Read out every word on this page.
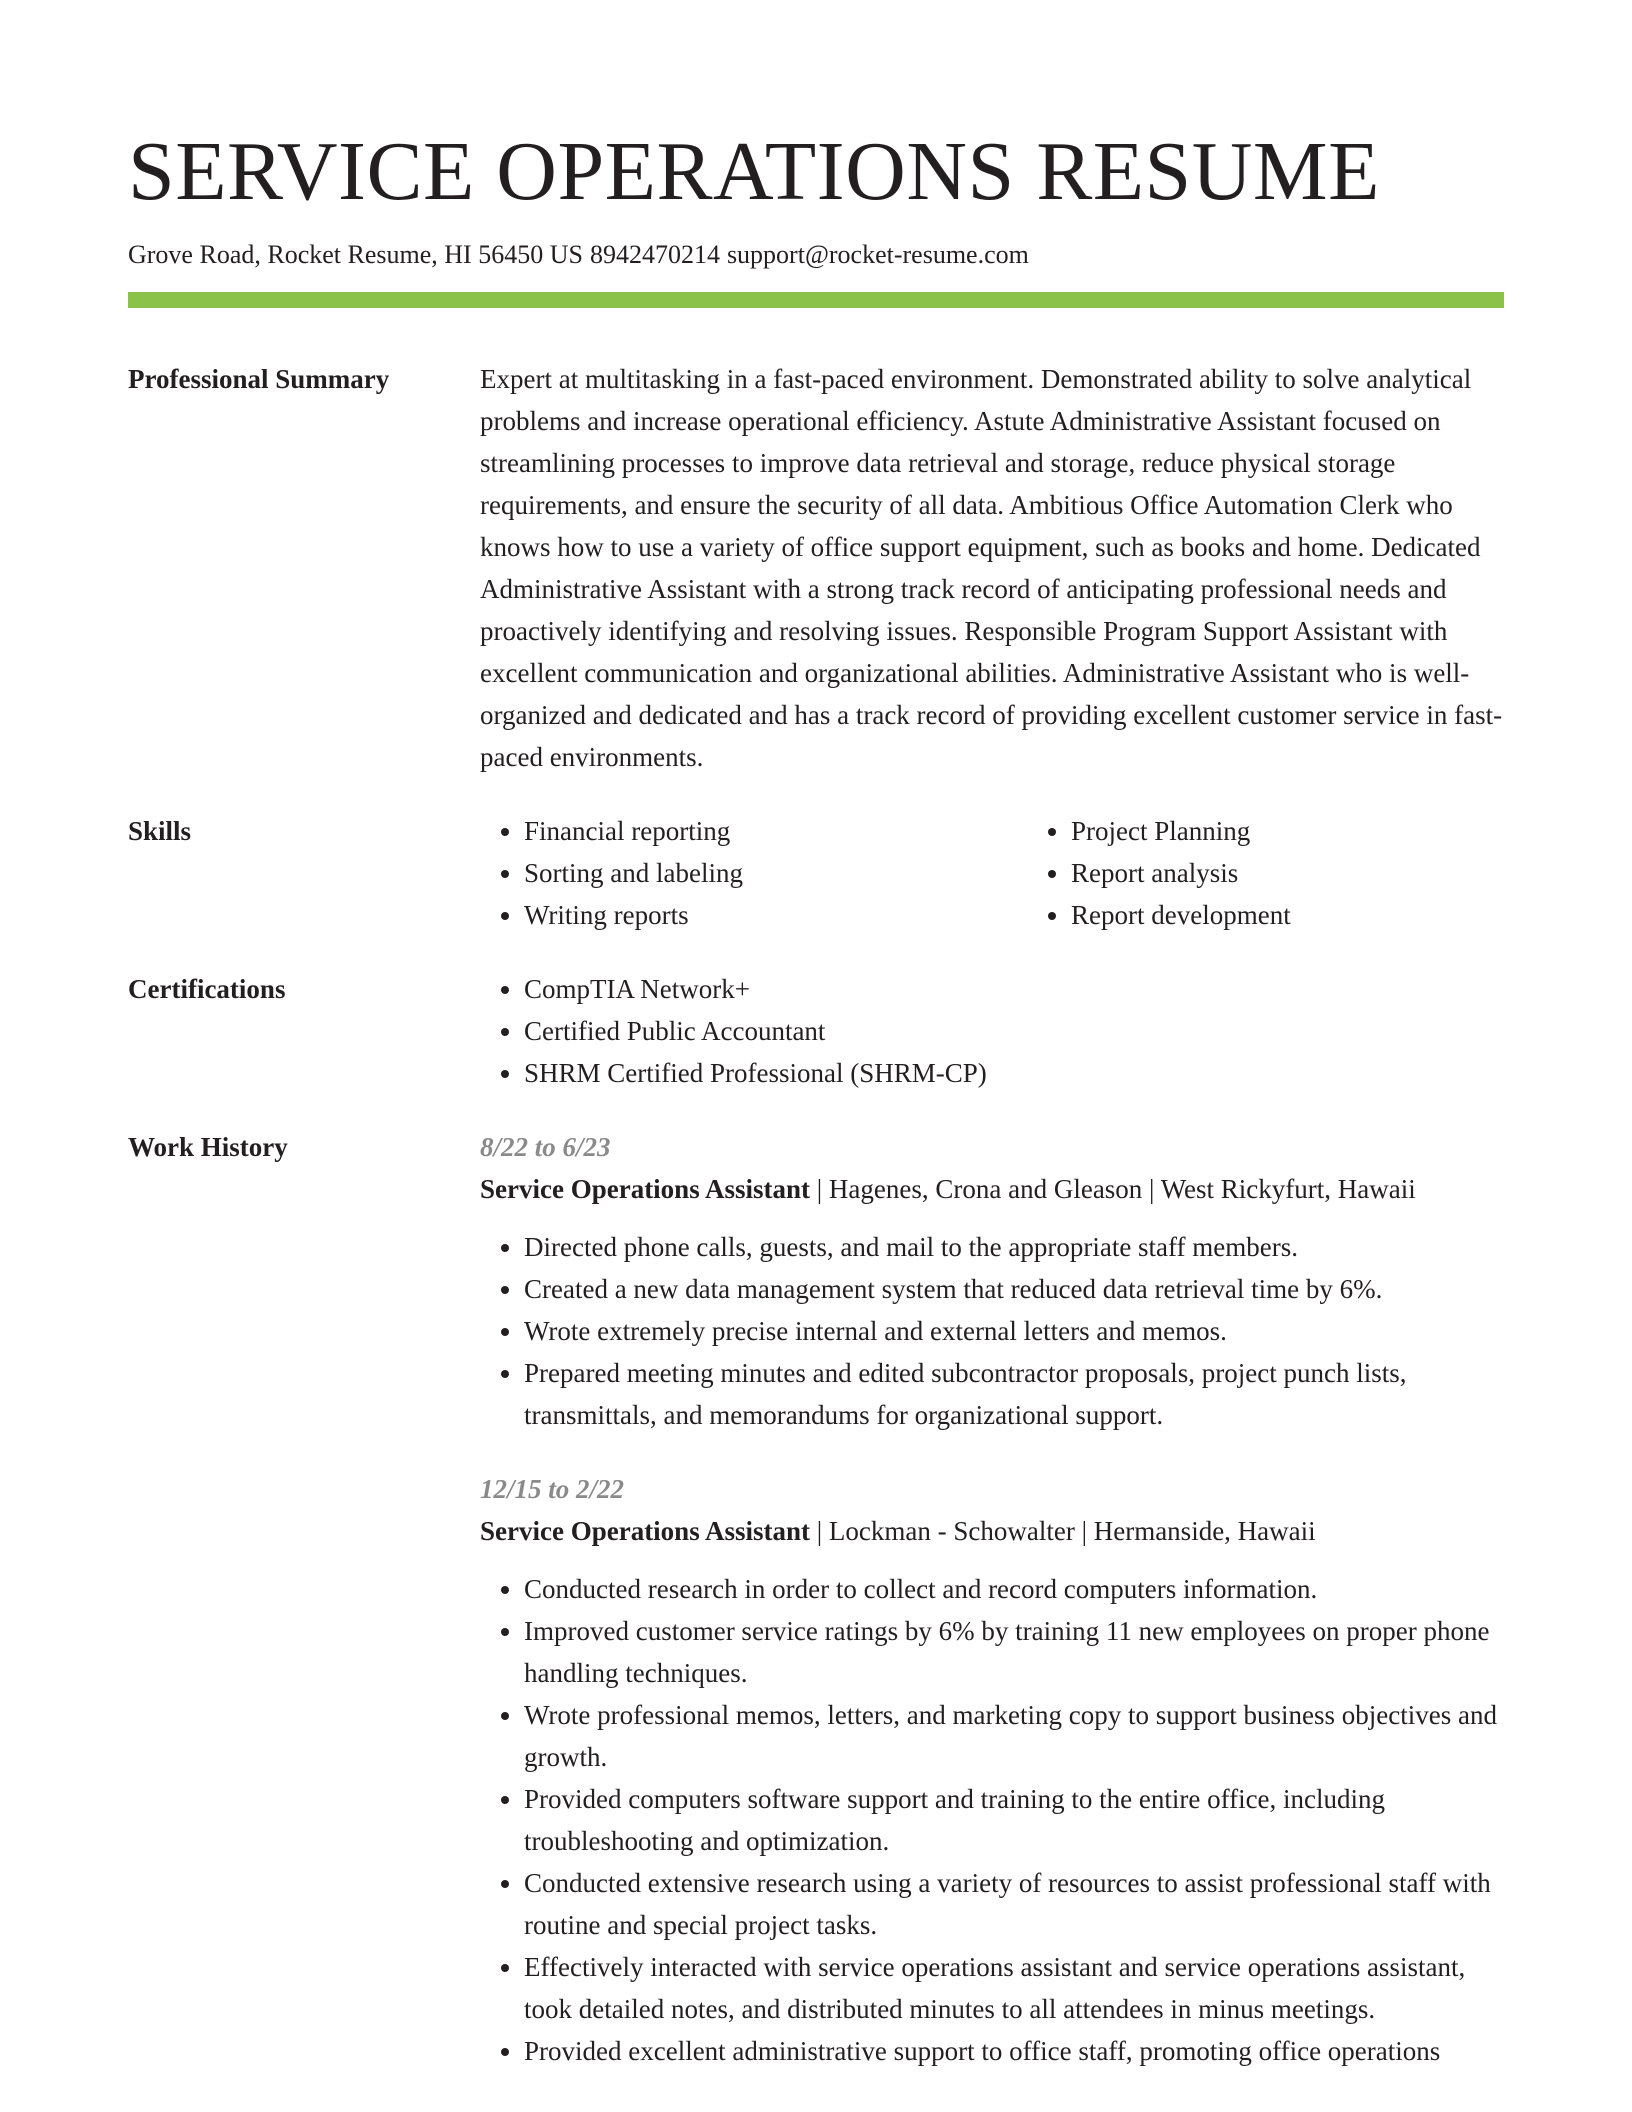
SERVICE OPERATIONS RESUME
Grove Road, Rocket Resume, HI 56450 US 8942470214 support@rocket-resume.com
Professional Summary	Expert at multitasking in a fast-paced environment. Demonstrated ability to solve analytical problems and increase operational efficiency. Astute Administrative Assistant focused on streamlining processes to improve data retrieval and storage, reduce physical storage requirements, and ensure the security of all data. Ambitious Office Automation Clerk who knows how to use a variety of office support equipment, such as books and home. Dedicated Administrative Assistant with a strong track record of anticipating professional needs and proactively identifying and resolving issues. Responsible Program Support Assistant with excellent communication and organizational abilities. Administrative Assistant who is well-organized and dedicated and has a track record of providing excellent customer service in fast-paced environments.
Skills	• Financial reporting
• Sorting and labeling
• Writing reports
• Project Planning
• Report analysis
• Report development
Certifications	• CompTIA Network+
• Certified Public Accountant
• SHRM Certified Professional (SHRM-CP)
Work History	8/22 to 6/23
Service Operations Assistant | Hagenes, Crona and Gleason | West Rickyfurt, Hawaii
• Directed phone calls, guests, and mail to the appropriate staff members.
• Created a new data management system that reduced data retrieval time by 6%.
• Wrote extremely precise internal and external letters and memos.
• Prepared meeting minutes and edited subcontractor proposals, project punch lists, transmittals, and memorandums for organizational support.
12/15 to 2/22
Service Operations Assistant | Lockman - Schowalter | Hermanside, Hawaii
• Conducted research in order to collect and record computers information.
• Improved customer service ratings by 6% by training 11 new employees on proper phone handling techniques.
• Wrote professional memos, letters, and marketing copy to support business objectives and growth.
• Provided computers software support and training to the entire office, including troubleshooting and optimization.
• Conducted extensive research using a variety of resources to assist professional staff with routine and special project tasks.
• Effectively interacted with service operations assistant and service operations assistant, took detailed notes, and distributed minutes to all attendees in minus meetings.
• Provided excellent administrative support to office staff, promoting office operations
